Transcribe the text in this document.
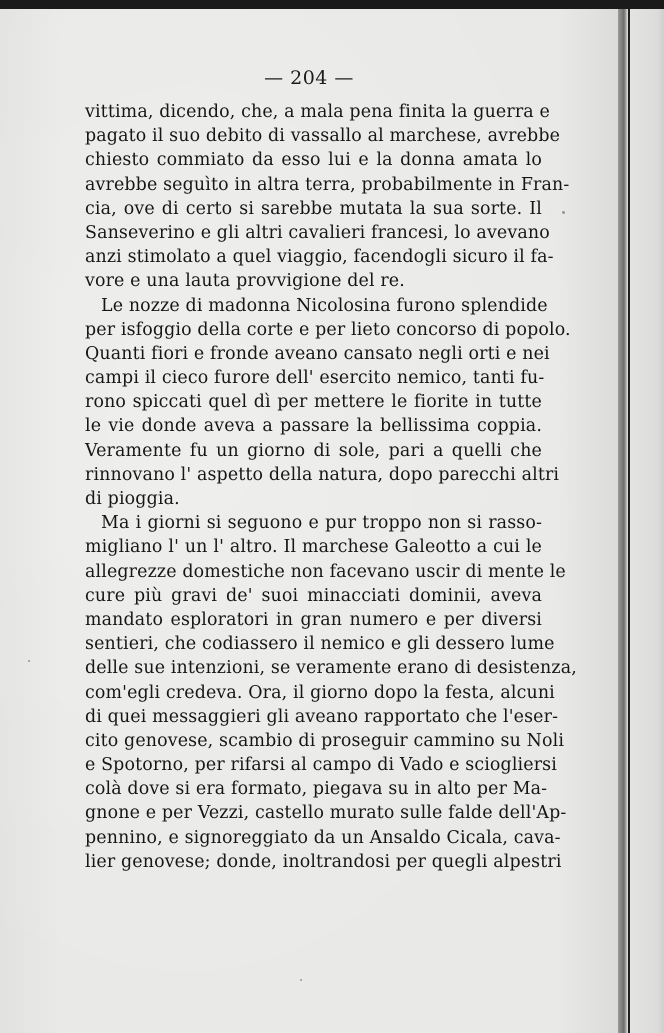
— 204 —
vittima, dicendo, che, a mala pena finita la guerra e
pagato il suo debito di vassallo al marchese, avrebbe
chiesto commiato da esso lui e la donna amata lo
avrebbe seguìto in altra terra, probabilmente in Fran-
cia, ove di certo si sarebbe mutata la sua sorte. Il
Sanseverino e gli altri cavalieri francesi, lo avevano
anzi stimolato a quel viaggio, facendogli sicuro il fa-
vore e una lauta provvigione del re.
Le nozze di madonna Nicolosina furono splendide
per isfoggio della corte e per lieto concorso di popolo.
Quanti fiori e fronde aveano cansato negli orti e nei
campi il cieco furore dell' esercito nemico, tanti fu-
rono spiccati quel dì per mettere le fiorite in tutte
le vie donde aveva a passare la bellissima coppia.
Veramente fu un giorno di sole, pari a quelli che
rinnovano l' aspetto della natura, dopo parecchi altri
di pioggia.
Ma i giorni si seguono e pur troppo non si rasso-
migliano l' un l' altro. Il marchese Galeotto a cui le
allegrezze domestiche non facevano uscir di mente le
cure più gravi de' suoi minacciati dominii, aveva
mandato esploratori in gran numero e per diversi
sentieri, che codiassero il nemico e gli dessero lume
delle sue intenzioni, se veramente erano di desistenza,
com'egli credeva. Ora, il giorno dopo la festa, alcuni
di quei messaggieri gli aveano rapportato che l'eser-
cito genovese, scambio di proseguir cammino su Noli
e Spotorno, per rifarsi al campo di Vado e sciogliersi
colà dove si era formato, piegava su in alto per Ma-
gnone e per Vezzi, castello murato sulle falde dell'Ap-
pennino, e signoreggiato da un Ansaldo Cicala, cava-
lier genovese; donde, inoltrandosi per quegli alpestri
